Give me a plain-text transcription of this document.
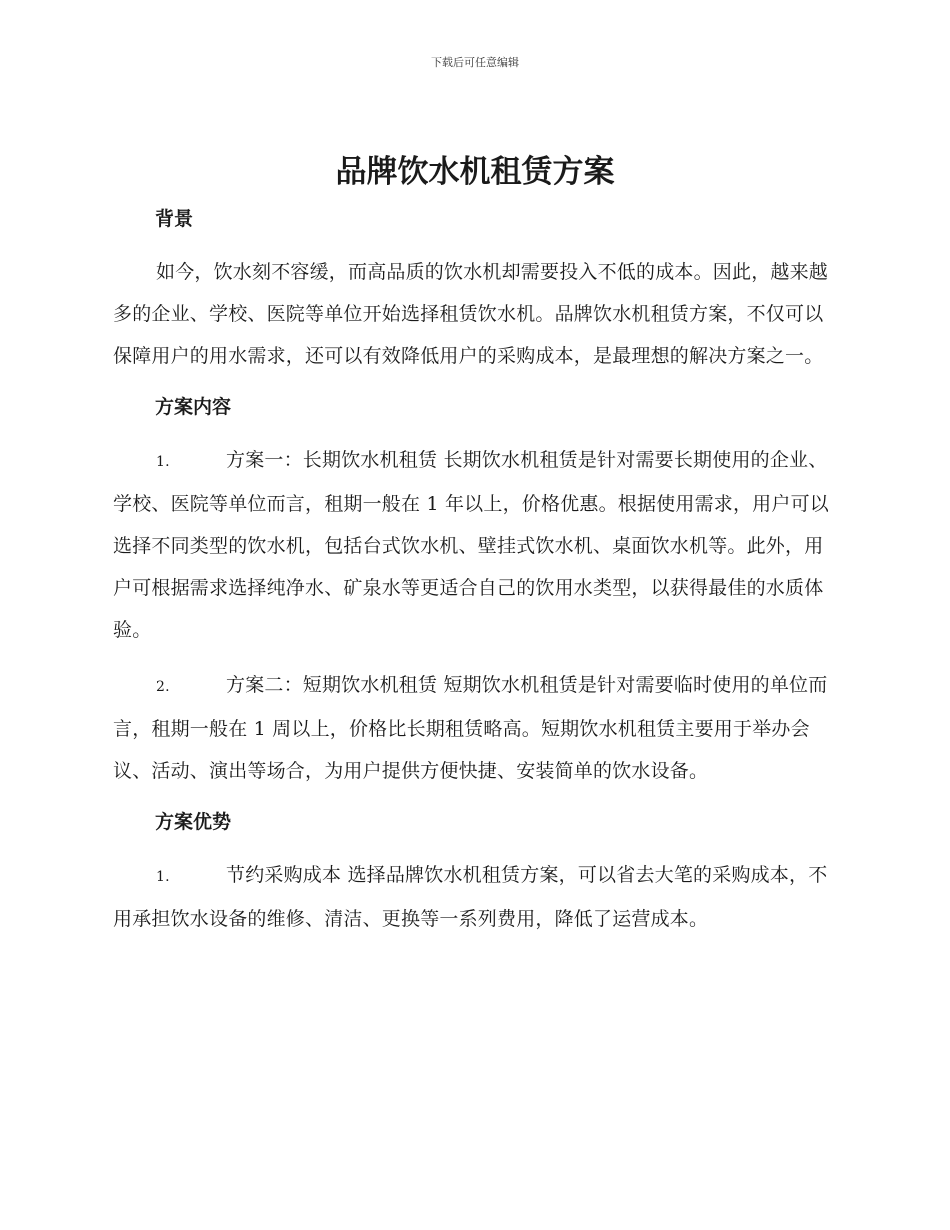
下载后可任意编辑
品牌饮水机租赁方案
背景

如今，饮水刻不容缓，而高品质的饮水机却需要投入不低的成本。因此，越来越多的企业、学校、医院等单位开始选择租赁饮水机。品牌饮水机租赁方案，不仅可以保障用户的用水需求，还可以有效降低用户的采购成本，是最理想的解决方案之一。

方案内容

1.	方案一：长期饮水机租赁 长期饮水机租赁是针对需要长期使用的企业、学校、医院等单位而言，租期一般在 1 年以上，价格优惠。根据使用需求，用户可以选择不同类型的饮水机，包括台式饮水机、壁挂式饮水机、桌面饮水机等。此外，用户可根据需求选择纯净水、矿泉水等更适合自己的饮用水类型，以获得最佳的水质体验。

2.	方案二：短期饮水机租赁 短期饮水机租赁是针对需要临时使用的单位而言，租期一般在 1 周以上，价格比长期租赁略高。短期饮水机租赁主要用于举办会议、活动、演出等场合，为用户提供方便快捷、安装简单的饮水设备。

方案优势

1.	节约采购成本 选择品牌饮水机租赁方案，可以省去大笔的采购成本，不用承担饮水设备的维修、清洁、更换等一系列费用，降低了运营成本。
